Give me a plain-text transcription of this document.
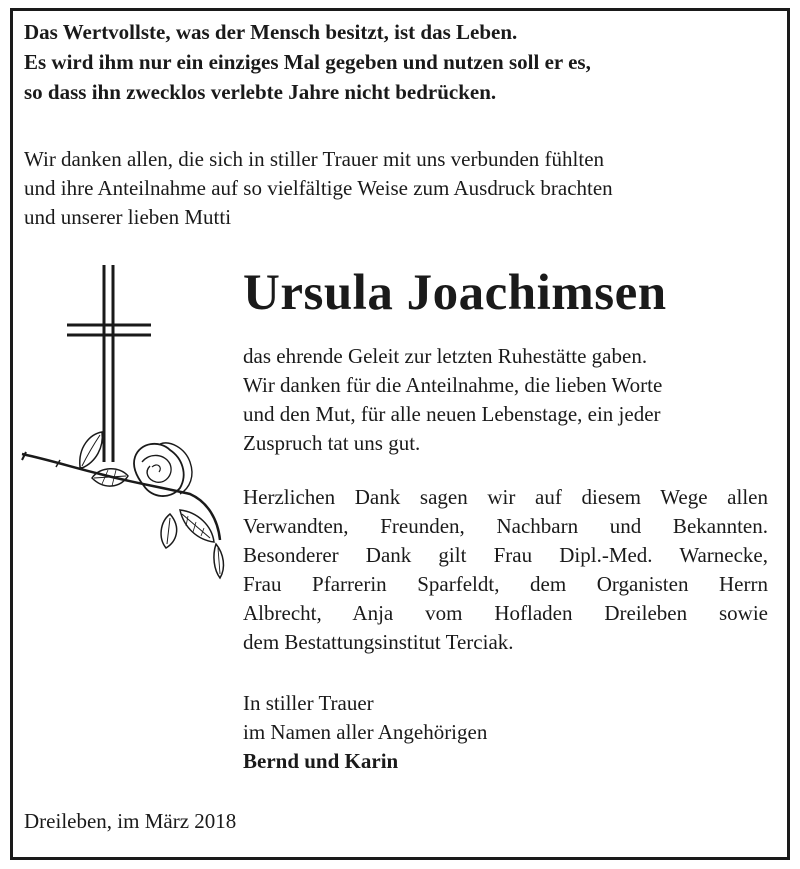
Das Wertvollste, was der Mensch besitzt, ist das Leben.
Es wird ihm nur ein einziges Mal gegeben und nutzen soll er es,
so dass ihn zwecklos verlebte Jahre nicht bedrücken.
Wir danken allen, die sich in stiller Trauer mit uns verbunden fühlten
und ihre Anteilnahme auf so vielfältige Weise zum Ausdruck brachten
und unserer lieben Mutti
Ursula Joachimsen
das ehrende Geleit zur letzten Ruhestätte gaben.
Wir danken für die Anteilnahme, die lieben Worte
und den Mut, für alle neuen Lebenstage, ein jeder
Zuspruch tat uns gut.
Herzlichen Dank sagen wir auf diesem Wege allen
Verwandten, Freunden, Nachbarn und Bekannten.
Besonderer Dank gilt Frau Dipl.-Med. Warnecke,
Frau Pfarrerin Sparfeldt, dem Organisten Herrn
Albrecht, Anja vom Hofladen Dreileben sowie
dem Bestattungsinstitut Terciak.
In stiller Trauer
im Namen aller Angehörigen
Bernd und Karin
Dreileben, im März 2018
